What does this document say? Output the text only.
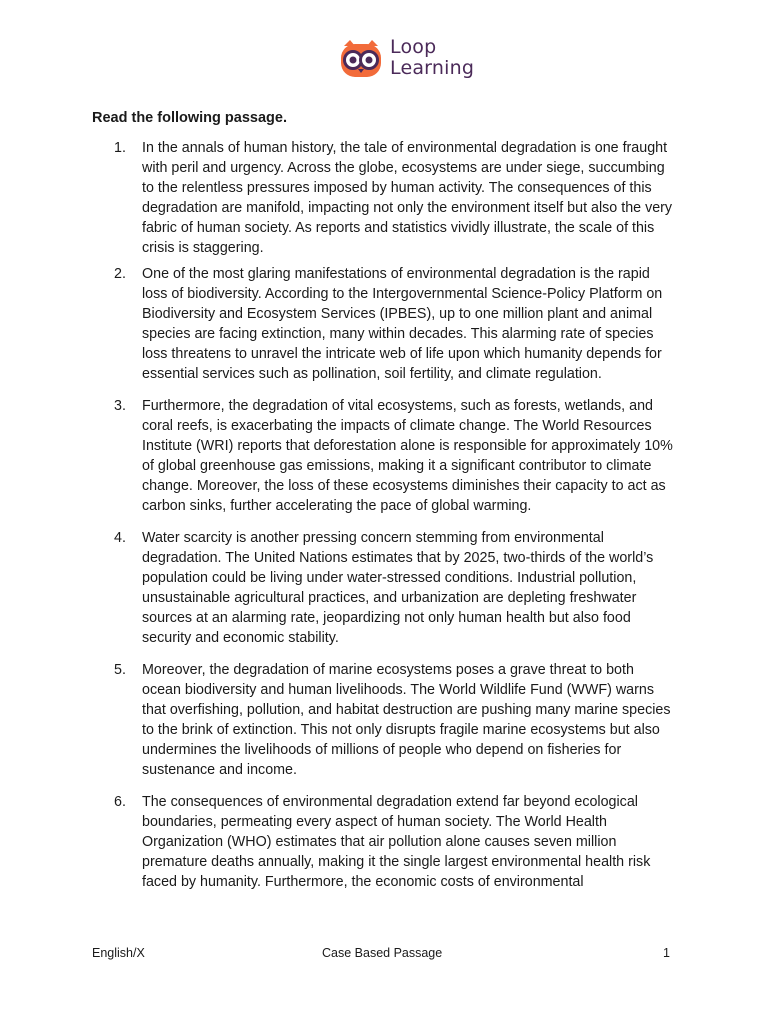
Loop
Learning

Read the following passage.

1. In the annals of human history, the tale of environmental degradation is one fraught with peril and urgency. Across the globe, ecosystems are under siege, succumbing to the relentless pressures imposed by human activity. The consequences of this degradation are manifold, impacting not only the environment itself but also the very fabric of human society. As reports and statistics vividly illustrate, the scale of this crisis is staggering.
2. One of the most glaring manifestations of environmental degradation is the rapid loss of biodiversity. According to the Intergovernmental Science-Policy Platform on Biodiversity and Ecosystem Services (IPBES), up to one million plant and animal species are facing extinction, many within decades. This alarming rate of species loss threatens to unravel the intricate web of life upon which humanity depends for essential services such as pollination, soil fertility, and climate regulation.
3. Furthermore, the degradation of vital ecosystems, such as forests, wetlands, and coral reefs, is exacerbating the impacts of climate change. The World Resources Institute (WRI) reports that deforestation alone is responsible for approximately 10% of global greenhouse gas emissions, making it a significant contributor to climate change. Moreover, the loss of these ecosystems diminishes their capacity to act as carbon sinks, further accelerating the pace of global warming.
4. Water scarcity is another pressing concern stemming from environmental degradation. The United Nations estimates that by 2025, two-thirds of the world’s population could be living under water-stressed conditions. Industrial pollution, unsustainable agricultural practices, and urbanization are depleting freshwater sources at an alarming rate, jeopardizing not only human health but also food security and economic stability.
5. Moreover, the degradation of marine ecosystems poses a grave threat to both ocean biodiversity and human livelihoods. The World Wildlife Fund (WWF) warns that overfishing, pollution, and habitat destruction are pushing many marine species to the brink of extinction. This not only disrupts fragile marine ecosystems but also undermines the livelihoods of millions of people who depend on fisheries for sustenance and income.
6. The consequences of environmental degradation extend far beyond ecological boundaries, permeating every aspect of human society. The World Health Organization (WHO) estimates that air pollution alone causes seven million premature deaths annually, making it the single largest environmental health risk faced by humanity. Furthermore, the economic costs of environmental
English/X	Case Based Passage	1
